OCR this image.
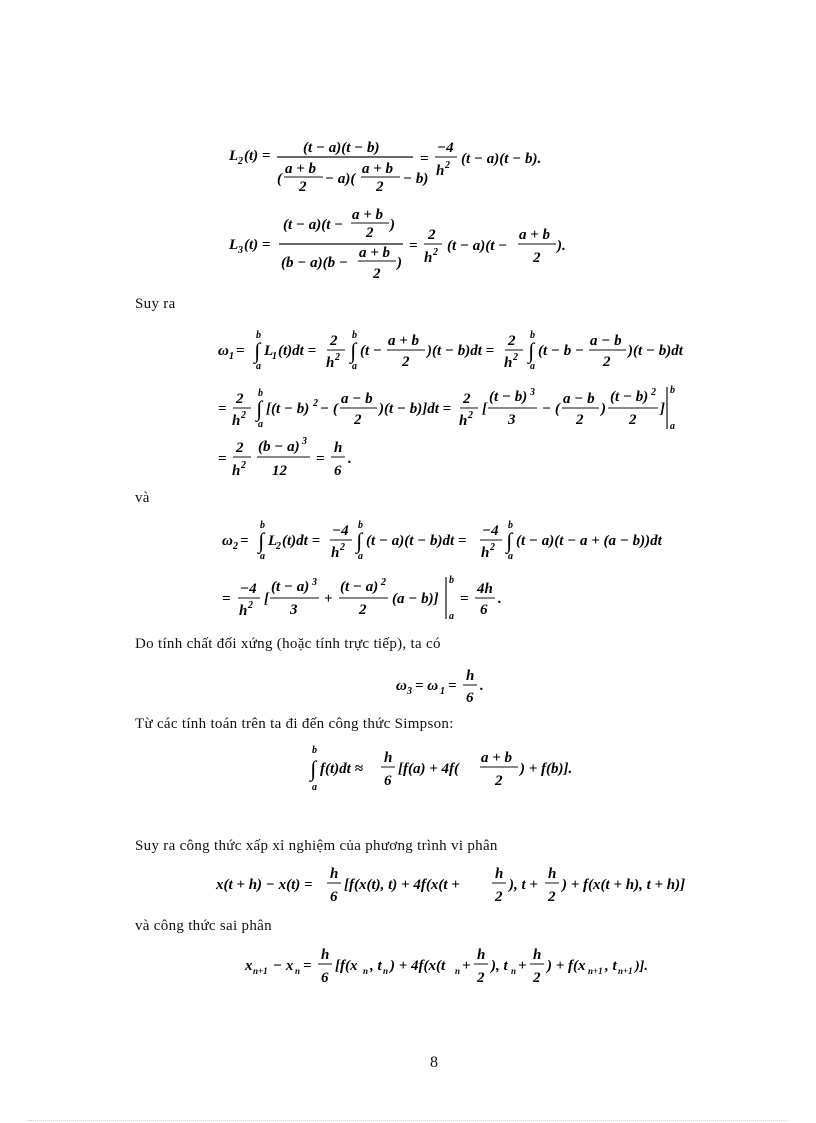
L 2 (t) = (t − a)(t − b)
(
a + b
2 − a)(
a + b
2 − b)
=
−4
h 2 (t − a)(t − b).
L 3 (t) =
(t − a)(t −
a + b
2 )
(b − a)(b −
a + b
2
)
=
2
h 2 (t − a)(t −
a + b
2
).
Suy ra
ω 1 =
b
∫
a
L
1 (t)dt =
2
h 2
b
∫
a
(t −
a + b
2
)(t − b)dt =
2
h 2
b
∫
a
(t − b −
a − b
2
)(t − b)dt
=
2
h 2
b
∫
a
[(t − b) 2 − (
a − b
2
)(t − b)]dt =
2
h 2 [
(t − b) 3
3
− (
a − b
2
)
(t − b) 2
2
]
b
a
=
2
h 2
(b − a) 3
12
=
h
6
.
và
ω 2 =
b
∫
a
L
2 (t)dt =
−4
h 2
b
∫
a
(t − a)(t − b)dt =
−4
h 2
b
∫
a
(t − a)(t − a + (a − b))dt
=
−4
h 2 [
(t − a) 3
3
+
(t − a) 2
2
(a − b)]
b
a
=
4h
6
.
Do tính chất đối xứng (hoặc tính trực tiếp), ta có
ω 3 = ω 1 =
h
6
.
Từ các tính toán trên ta đi đến công thức Simpson:
b
∫
a
f(t)dt ≈
h
6
[f(a) + 4f(
a + b
2
) + f(b)].
Suy ra công thức xấp xỉ nghiệm của phương trình vi phân
x(t + h) − x(t) =
h
6
[f(x(t), t) + 4f(x(t +
h
2
), t +
h
2
) + f(x(t + h), t + h)]
và công thức sai phân
x n+1 − x n =
h
6
[f(x n , t n ) + 4f(x(t n +
h
2
), t n +
h
2
) + f(x n+1 , t n+1 )].
8
